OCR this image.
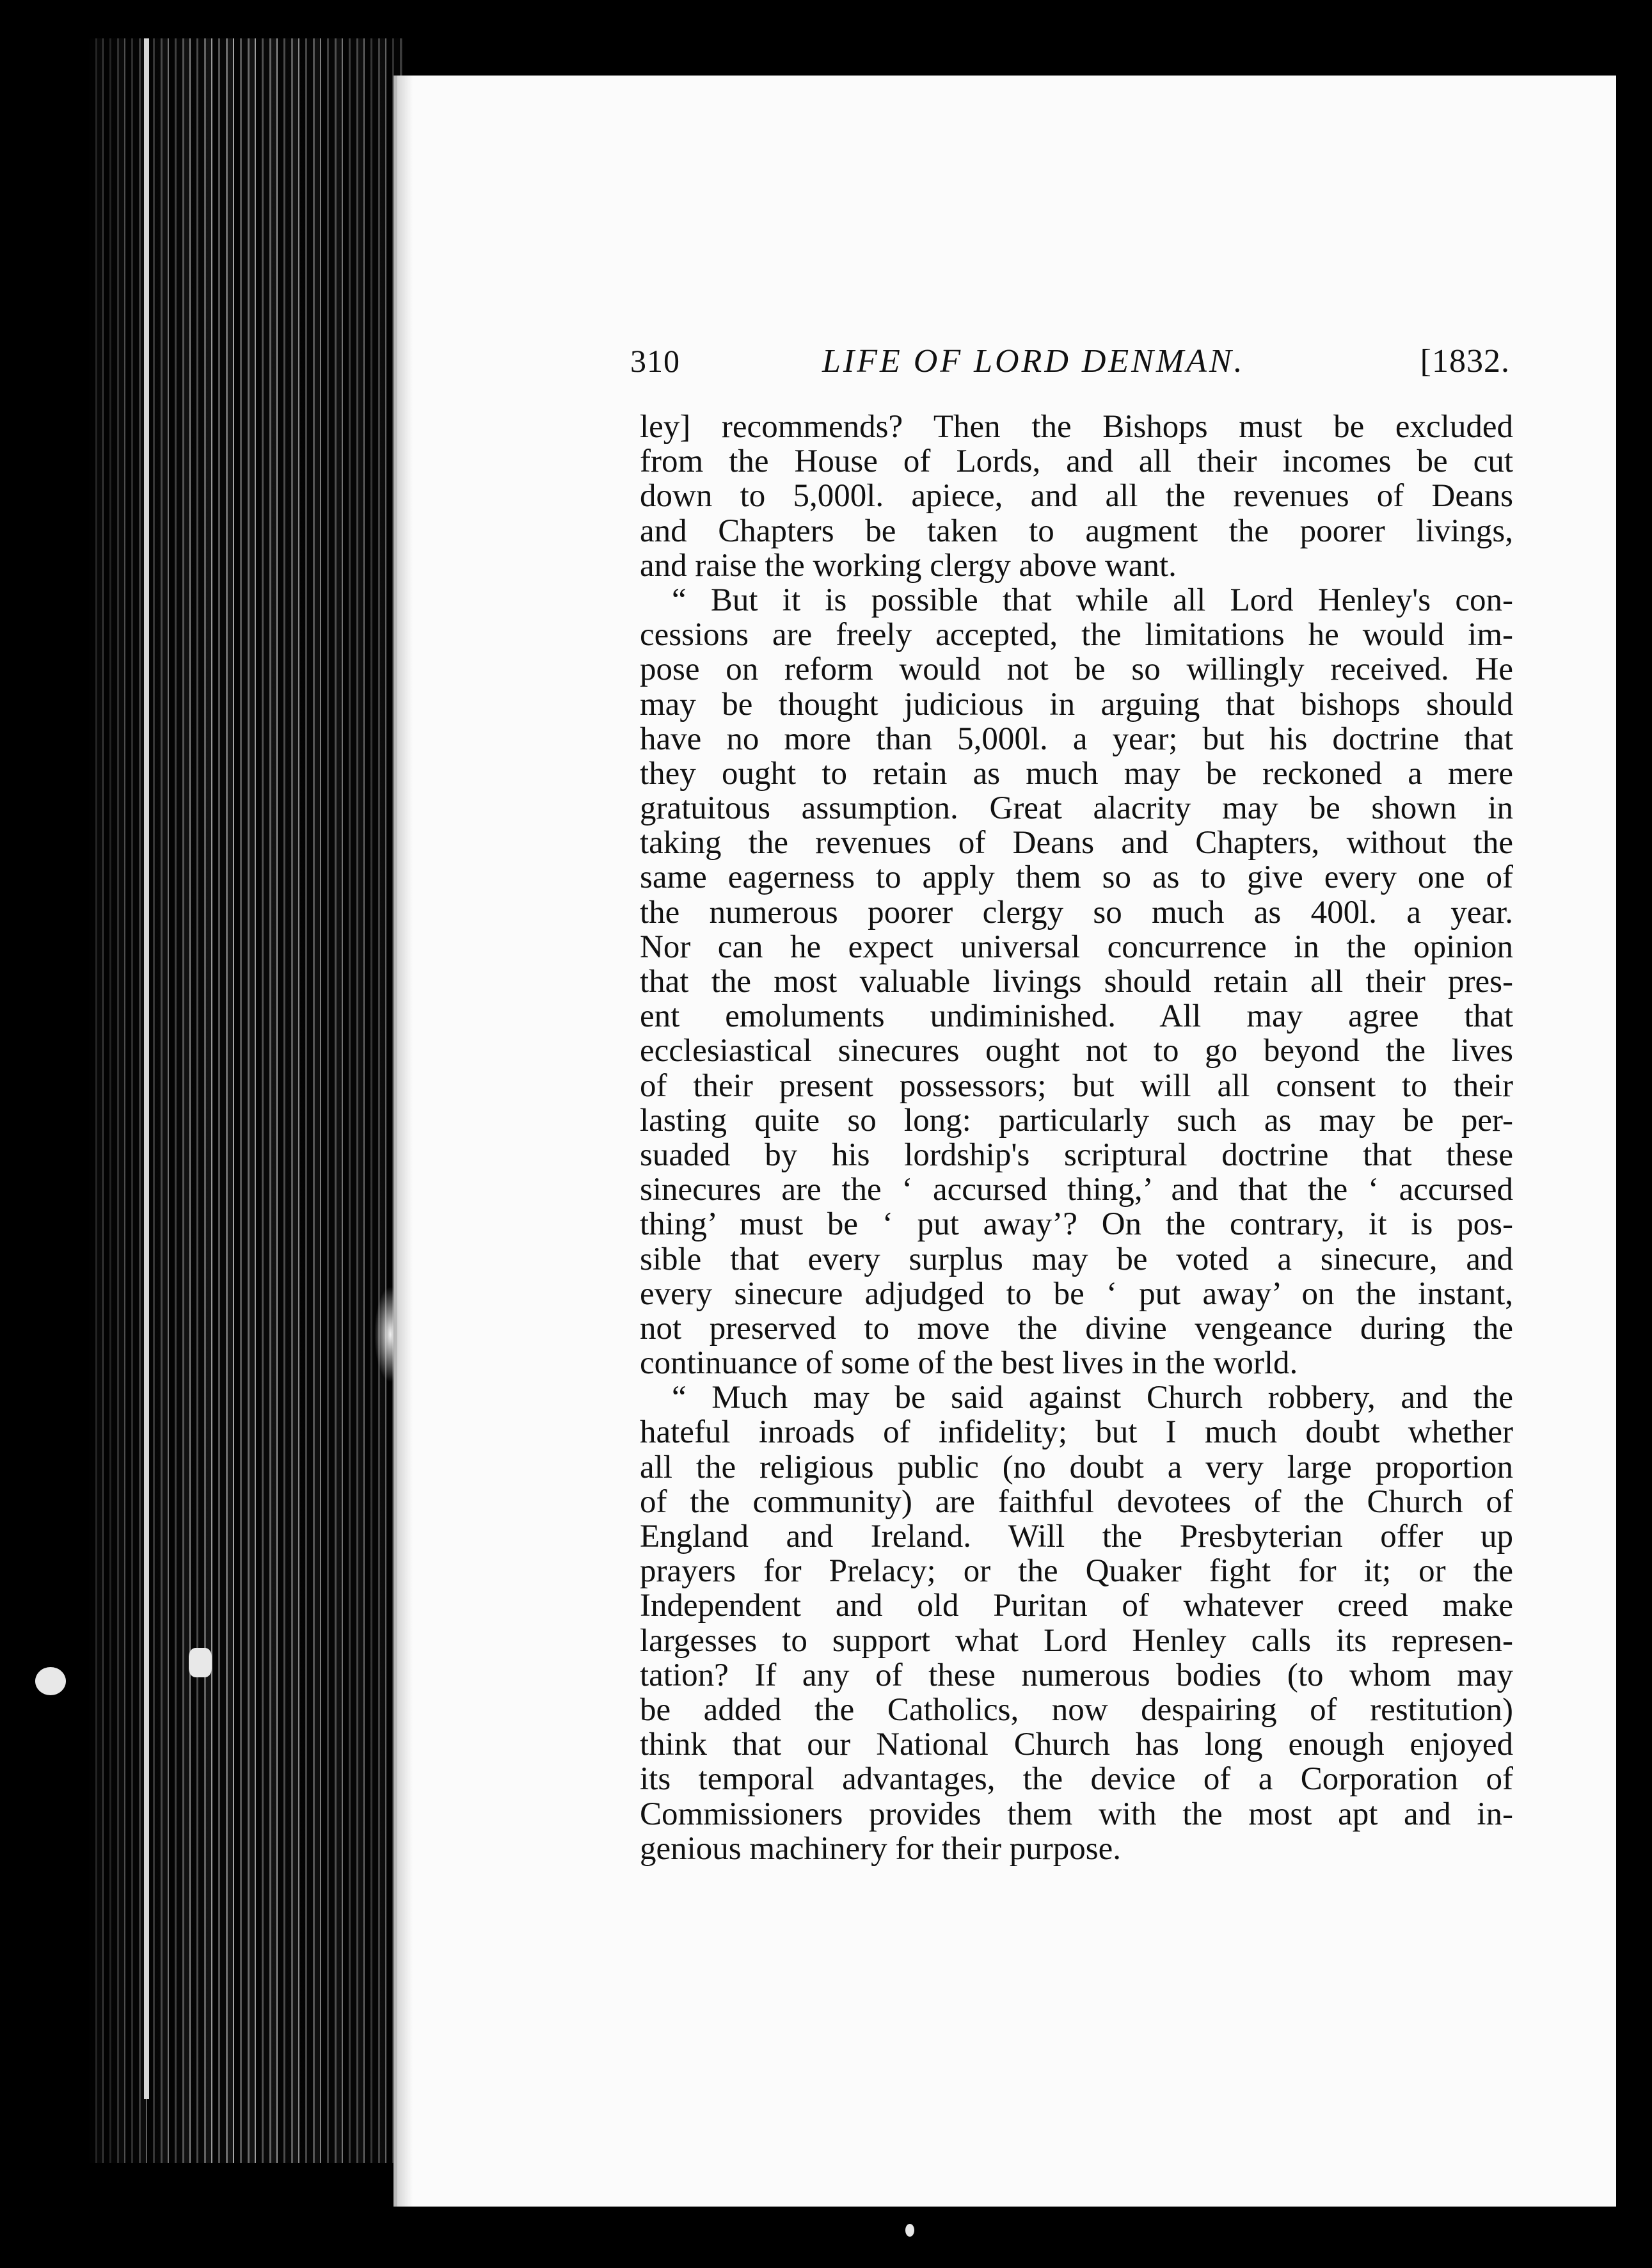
310	LIFE OF LORD DENMAN.	[1832.
ley] recommends? Then the Bishops must be excluded
from the House of Lords, and all their incomes be cut
down to 5,000l. apiece, and all the revenues of Deans
and Chapters be taken to augment the poorer livings,
and raise the working clergy above want.
“ But it is possible that while all Lord Henley's con-
cessions are freely accepted, the limitations he would im-
pose on reform would not be so willingly received. He
may be thought judicious in arguing that bishops should
have no more than 5,000l. a year; but his doctrine that
they ought to retain as much may be reckoned a mere
gratuitous assumption. Great alacrity may be shown in
taking the revenues of Deans and Chapters, without the
same eagerness to apply them so as to give every one of
the numerous poorer clergy so much as 400l. a year.
Nor can he expect universal concurrence in the opinion
that the most valuable livings should retain all their pres-
ent emoluments undiminished. All may agree that
ecclesiastical sinecures ought not to go beyond the lives
of their present possessors; but will all consent to their
lasting quite so long: particularly such as may be per-
suaded by his lordship's scriptural doctrine that these
sinecures are the ‘ accursed thing,’ and that the ‘ accursed
thing’ must be ‘ put away’? On the contrary, it is pos-
sible that every surplus may be voted a sinecure, and
every sinecure adjudged to be ‘ put away’ on the instant,
not preserved to move the divine vengeance during the
continuance of some of the best lives in the world.
“ Much may be said against Church robbery, and the
hateful inroads of infidelity; but I much doubt whether
all the religious public (no doubt a very large proportion
of the community) are faithful devotees of the Church of
England and Ireland. Will the Presbyterian offer up
prayers for Prelacy; or the Quaker fight for it; or the
Independent and old Puritan of whatever creed make
largesses to support what Lord Henley calls its represen-
tation? If any of these numerous bodies (to whom may
be added the Catholics, now despairing of restitution)
think that our National Church has long enough enjoyed
its temporal advantages, the device of a Corporation of
Commissioners provides them with the most apt and in-
genious machinery for their purpose.
